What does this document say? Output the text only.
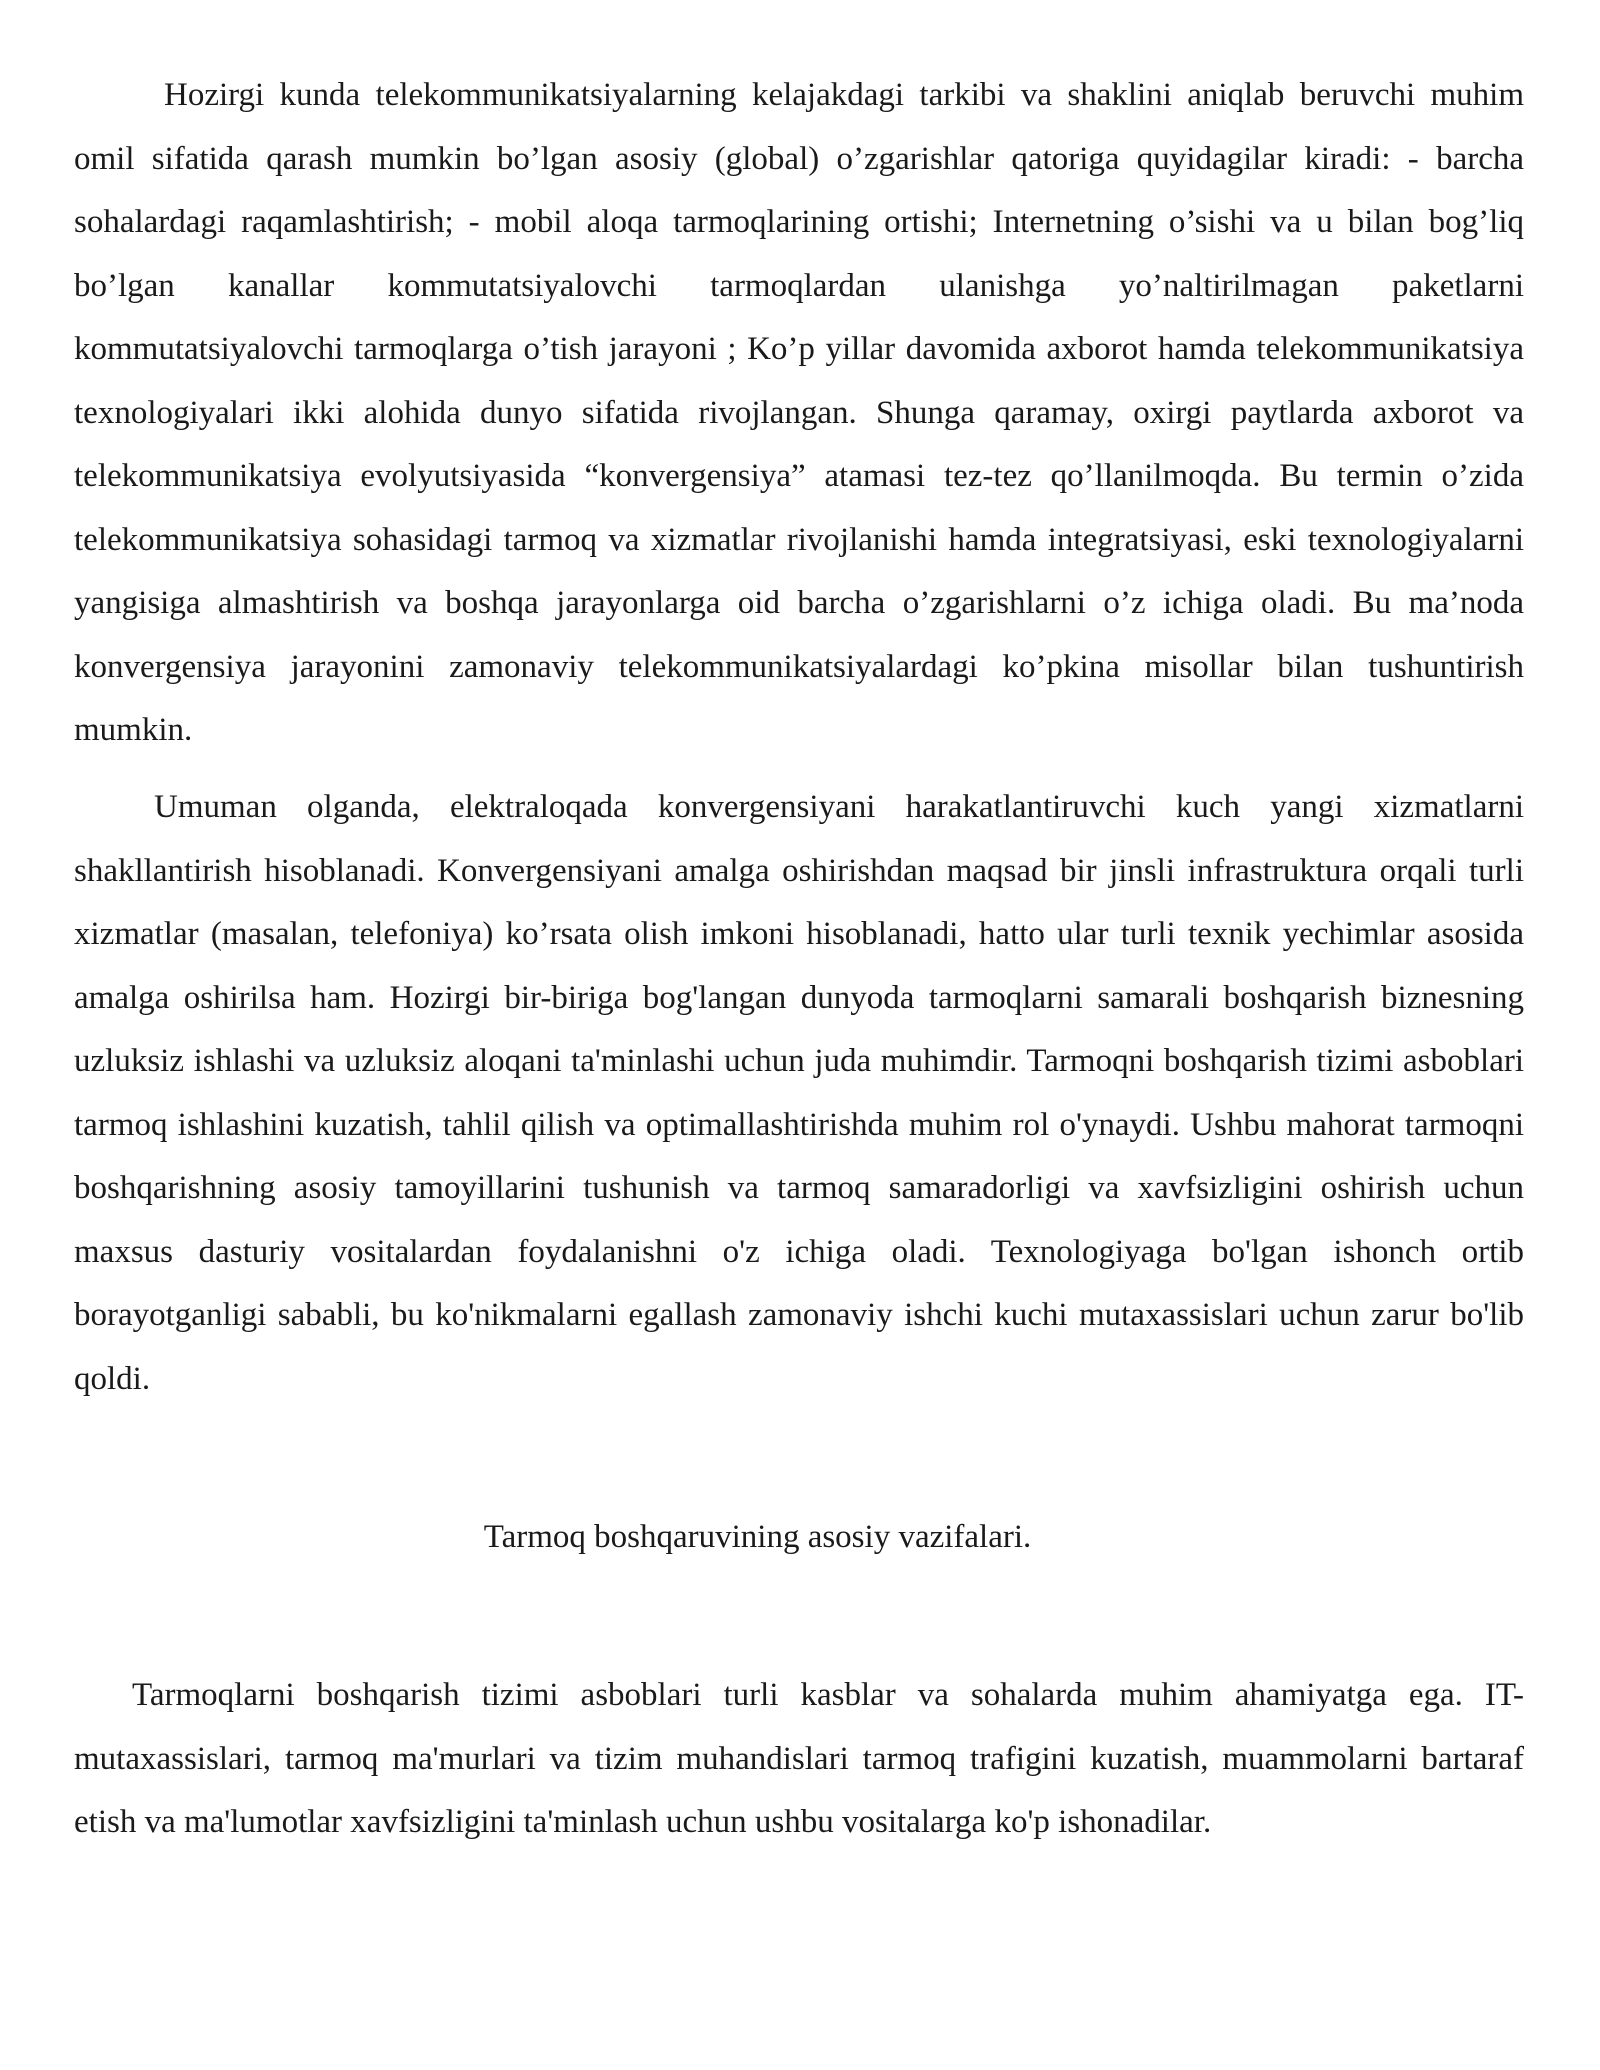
Hozirgi kunda telekommunikatsiyalarning kelajakdagi tarkibi va shaklini aniqlab beruvchi muhim omil sifatida qarash mumkin bo’lgan asosiy (global) o’zgarishlar qatoriga quyidagilar kiradi: - barcha sohalardagi raqamlashtirish; - mobil aloqa tarmoqlarining ortishi; Internetning o’sishi va u bilan bog’liq bo’lgan kanallar kommutatsiyalovchi tarmoqlardan ulanishga yo’naltirilmagan paketlarni kommutatsiyalovchi tarmoqlarga o’tish jarayoni ; Ko’p yillar davomida axborot hamda telekommunikatsiya texnologiyalari ikki alohida dunyo sifatida rivojlangan. Shunga qaramay, oxirgi paytlarda axborot va telekommunikatsiya evolyutsiyasida “konvergensiya” atamasi tez-tez qo’llanilmoqda. Bu termin o’zida telekommunikatsiya sohasidagi tarmoq va xizmatlar rivojlanishi hamda integratsiyasi, eski texnologiyalarni yangisiga almashtirish va boshqa jarayonlarga oid barcha o’zgarishlarni o’z ichiga oladi. Bu ma’noda konvergensiya jarayonini zamonaviy telekommunikatsiyalardagi ko’pkina misollar bilan tushuntirish mumkin.

Umuman olganda, elektraloqada konvergensiyani harakatlantiruvchi kuch yangi xizmatlarni shakllantirish hisoblanadi. Konvergensiyani amalga oshirishdan maqsad bir jinsli infrastruktura orqali turli xizmatlar (masalan, telefoniya) ko’rsata olish imkoni hisoblanadi, hatto ular turli texnik yechimlar asosida amalga oshirilsa ham. Hozirgi bir-biriga bog'langan dunyoda tarmoqlarni samarali boshqarish biznesning uzluksiz ishlashi va uzluksiz aloqani ta'minlashi uchun juda muhimdir. Tarmoqni boshqarish tizimi asboblari tarmoq ishlashini kuzatish, tahlil qilish va optimallashtirishda muhim rol o'ynaydi. Ushbu mahorat tarmoqni boshqarishning asosiy tamoyillarini tushunish va tarmoq samaradorligi va xavfsizligini oshirish uchun maxsus dasturiy vositalardan foydalanishni o'z ichiga oladi. Texnologiyaga bo'lgan ishonch ortib borayotganligi sababli, bu ko'nikmalarni egallash zamonaviy ishchi kuchi mutaxassislari uchun zarur bo'lib qoldi.

Tarmoq boshqaruvining asosiy vazifalari.

Tarmoqlarni boshqarish tizimi asboblari turli kasblar va sohalarda muhim ahamiyatga ega. IT-mutaxassislari, tarmoq ma'murlari va tizim muhandislari tarmoq trafigini kuzatish, muammolarni bartaraf etish va ma'lumotlar xavfsizligini ta'minlash uchun ushbu vositalarga ko'p ishonadilar.
